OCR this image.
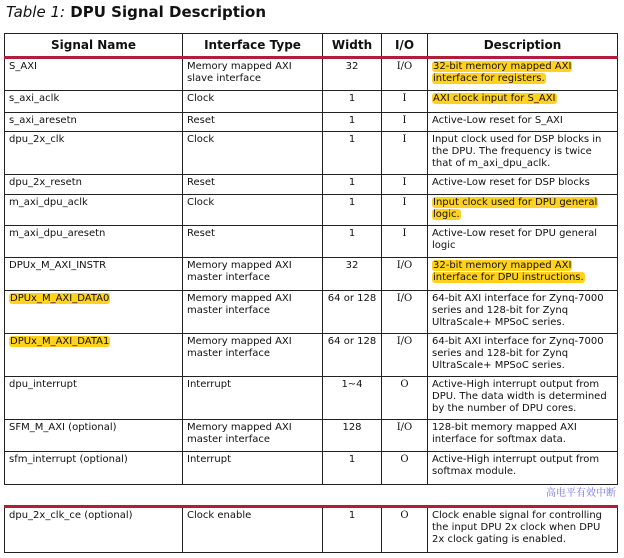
Table 1: DPU Signal Description
Signal Name	Interface Type	Width	I/O	Description
S_AXI	Memory mapped AXI slave interface	32	I/O	32-bit memory mapped AXI interface for registers.
s_axi_aclk	Clock	1	I	AXI clock input for S_AXI
s_axi_aresetn	Reset	1	I	Active-Low reset for S_AXI
dpu_2x_clk	Clock	1	I	Input clock used for DSP blocks in the DPU. The frequency is twice that of m_axi_dpu_aclk.
dpu_2x_resetn	Reset	1	I	Active-Low reset for DSP blocks
m_axi_dpu_aclk	Clock	1	I	Input clock used for DPU general logic.
m_axi_dpu_aresetn	Reset	1	I	Active-Low reset for DPU general logic
DPUx_M_AXI_INSTR	Memory mapped AXI master interface	32	I/O	32-bit memory mapped AXI interface for DPU instructions.
DPUx_M_AXI_DATA0	Memory mapped AXI master interface	64 or 128	I/O	64-bit AXI interface for Zynq-7000 series and 128-bit for Zynq UltraScale+ MPSoC series.
DPUx_M_AXI_DATA1	Memory mapped AXI master interface	64 or 128	I/O	64-bit AXI interface for Zynq-7000 series and 128-bit for Zynq UltraScale+ MPSoC series.
dpu_interrupt	Interrupt	1~4	O	Active-High interrupt output from DPU. The data width is determined by the number of DPU cores.
SFM_M_AXI (optional)	Memory mapped AXI master interface	128	I/O	128-bit memory mapped AXI interface for softmax data.
sfm_interrupt (optional)	Interrupt	1	O	Active-High interrupt output from softmax module.
dpu_2x_clk_ce (optional)	Clock enable	1	O	Clock enable signal for controlling the input DPU 2x clock when DPU 2x clock gating is enabled.
高电平有效中断
